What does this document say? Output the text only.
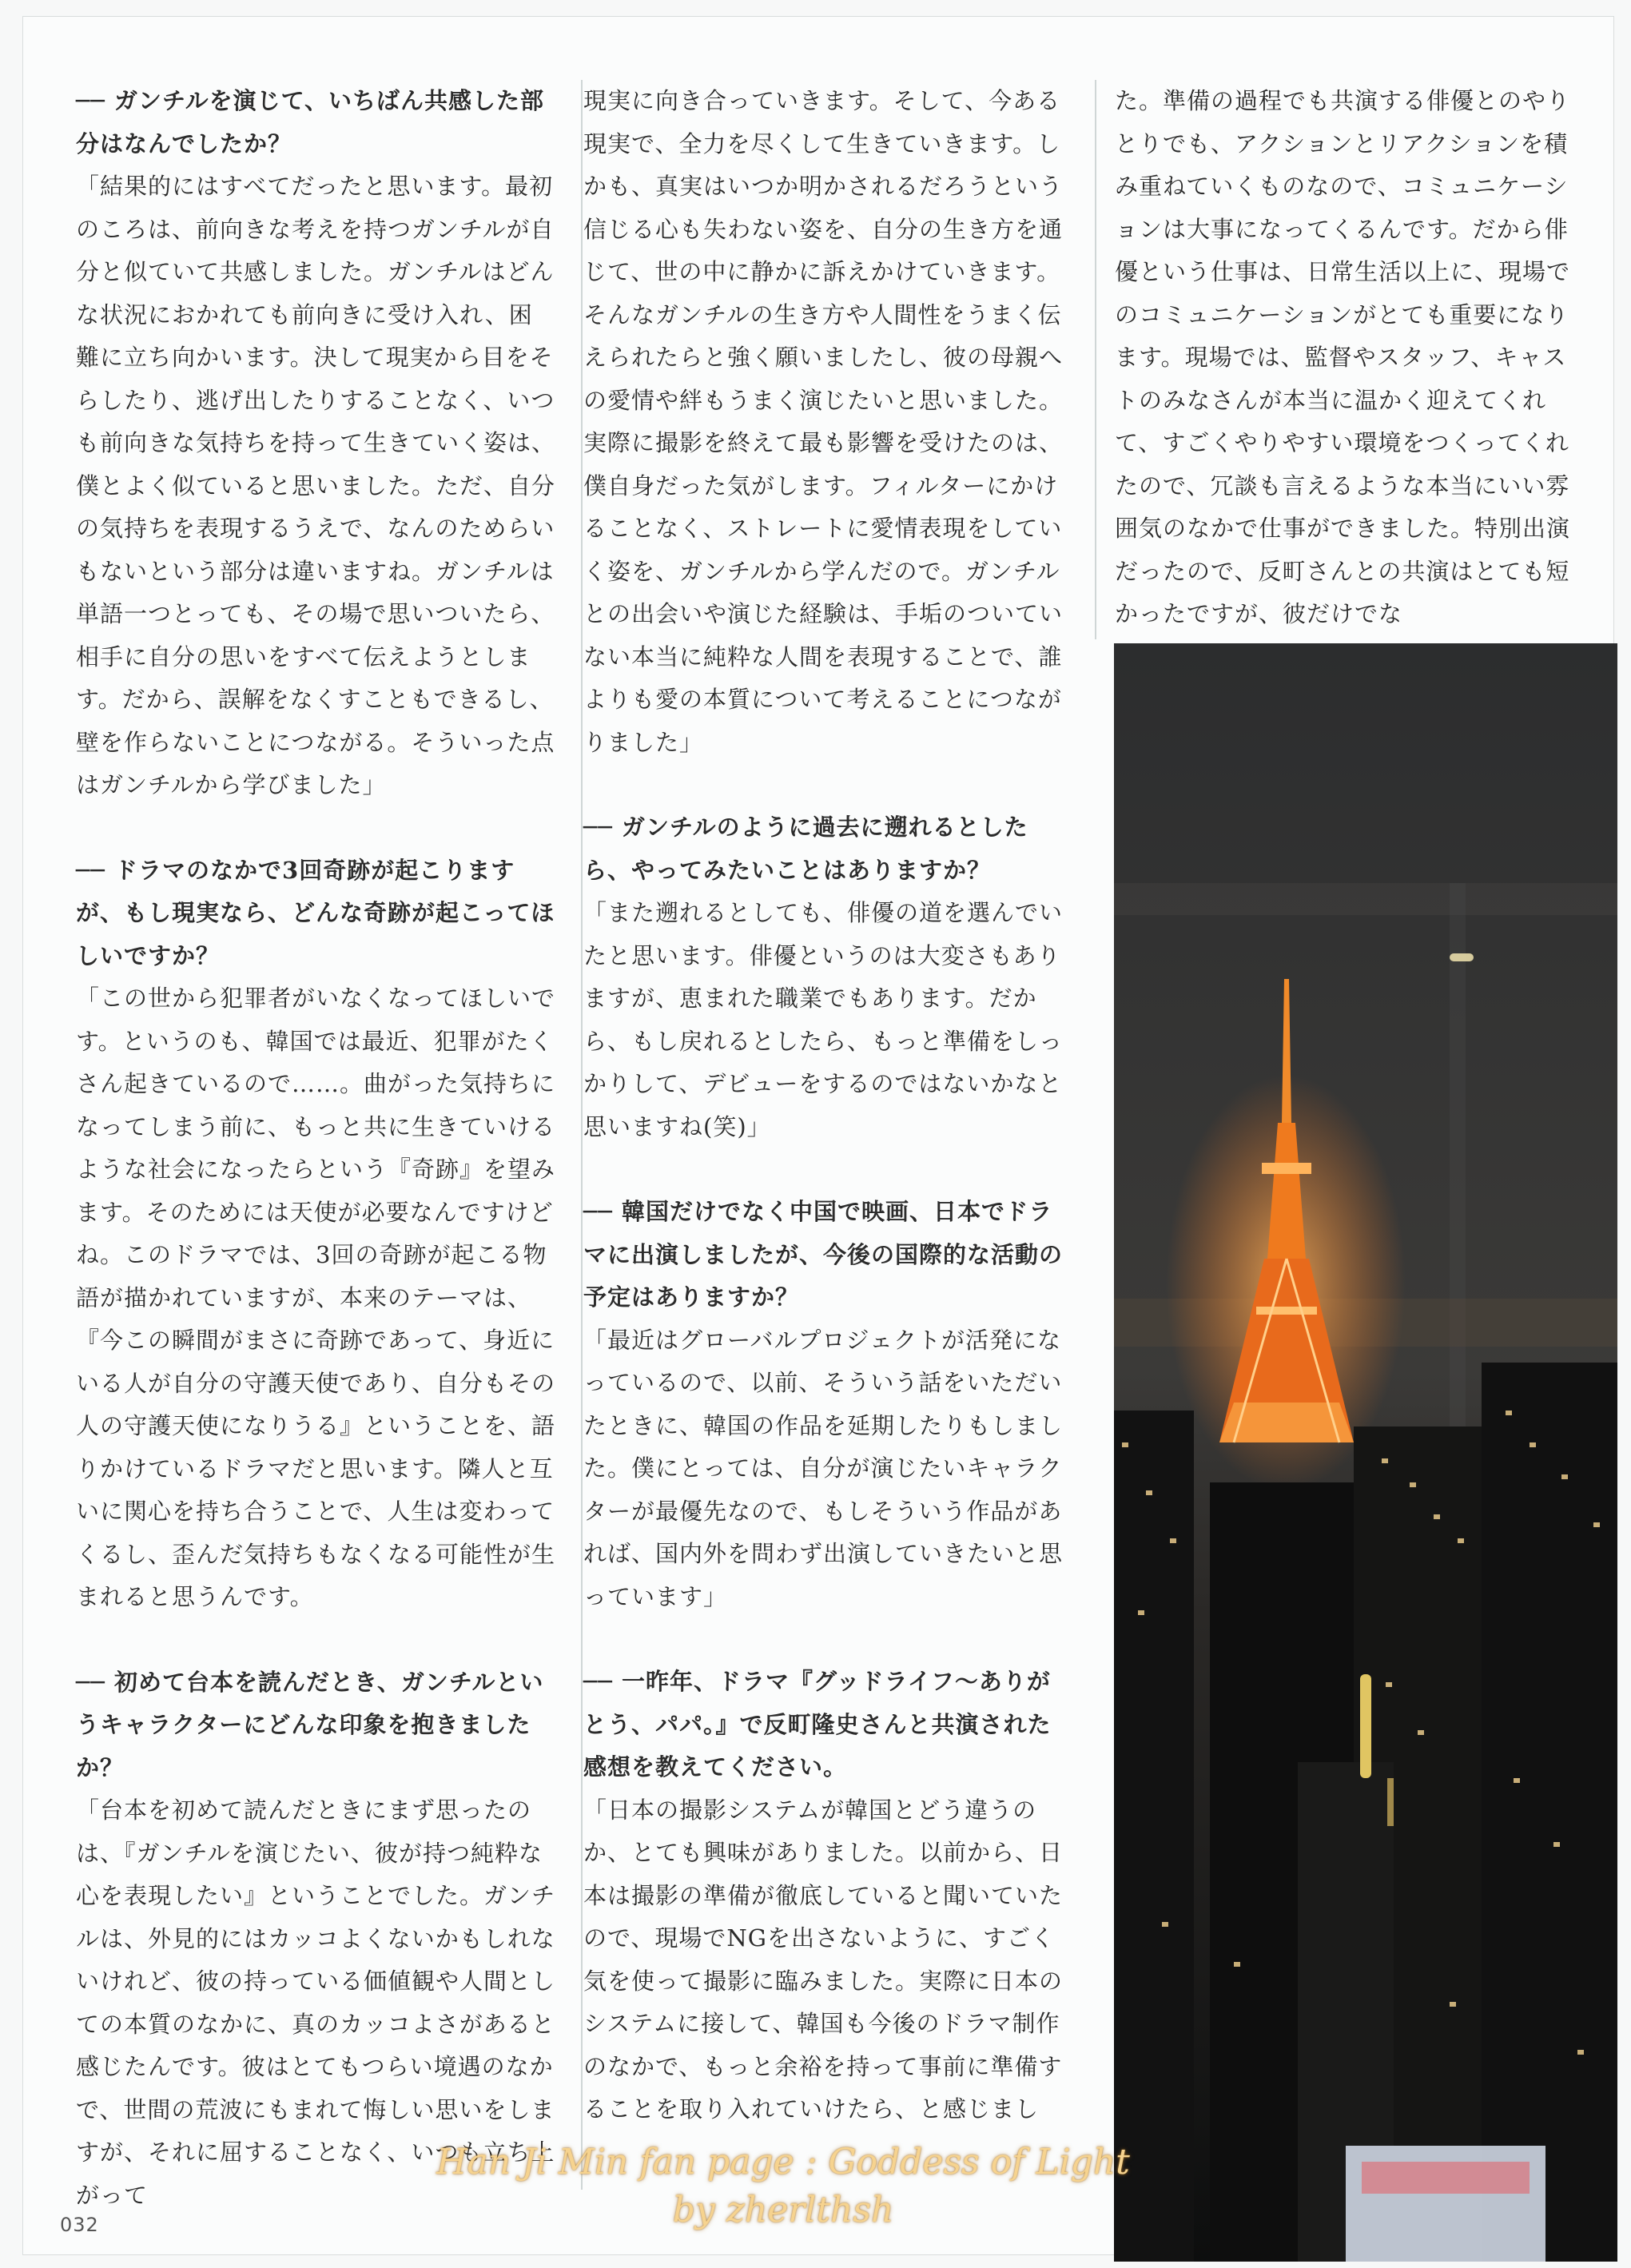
── ガンチルを演じて、いちばん共感した部分はなんでしたか？

「結果的にはすべてだったと思います。最初のころは、前向きな考えを持つガンチルが自分と似ていて共感しました。ガンチルはどんな状況におかれても前向きに受け入れ、困難に立ち向かいます。決して現実から目をそらしたり、逃げ出したりすることなく、いつも前向きな気持ちを持って生きていく姿は、僕とよく似ていると思いました。ただ、自分の気持ちを表現するうえで、なんのためらいもないという部分は違いますね。ガンチルは単語一つとっても、その場で思いついたら、相手に自分の思いをすべて伝えようとします。だから、誤解をなくすこともできるし、壁を作らないことにつながる。そういった点はガンチルから学びました」

── ドラマのなかで3回奇跡が起こりますが、もし現実なら、どんな奇跡が起こってほしいですか？

「この世から犯罪者がいなくなってほしいです。というのも、韓国では最近、犯罪がたくさん起きているので……。曲がった気持ちになってしまう前に、もっと共に生きていけるような社会になったらという『奇跡』を望みます。そのためには天使が必要なんですけどね。このドラマでは、3回の奇跡が起こる物語が描かれていますが、本来のテーマは、『今この瞬間がまさに奇跡であって、身近にいる人が自分の守護天使であり、自分もその人の守護天使になりうる』ということを、語りかけているドラマだと思います。隣人と互いに関心を持ち合うことで、人生は変わってくるし、歪んだ気持ちもなくなる可能性が生まれると思うんです。

── 初めて台本を読んだとき、ガンチルというキャラクターにどんな印象を抱きましたか？

「台本を初めて読んだときにまず思ったのは、『ガンチルを演じたい、彼が持つ純粋な心を表現したい』ということでした。ガンチルは、外見的にはカッコよくないかもしれないけれど、彼の持っている価値観や人間としての本質のなかに、真のカッコよさがあると感じたんです。彼はとてもつらい境遇のなかで、世間の荒波にもまれて悔しい思いをしますが、それに屈することなく、いつも立ち上がって

現実に向き合っていきます。そして、今ある現実で、全力を尽くして生きていきます。しかも、真実はいつか明かされるだろうという信じる心も失わない姿を、自分の生き方を通じて、世の中に静かに訴えかけていきます。そんなガンチルの生き方や人間性をうまく伝えられたらと強く願いましたし、彼の母親への愛情や絆もうまく演じたいと思いました。実際に撮影を終えて最も影響を受けたのは、僕自身だった気がします。フィルターにかけることなく、ストレートに愛情表現をしていく姿を、ガンチルから学んだので。ガンチルとの出会いや演じた経験は、手垢のついていない本当に純粋な人間を表現することで、誰よりも愛の本質について考えることにつながりました」

── ガンチルのように過去に遡れるとしたら、やってみたいことはありますか？

「また遡れるとしても、俳優の道を選んでいたと思います。俳優というのは大変さもありますが、恵まれた職業でもあります。だから、もし戻れるとしたら、もっと準備をしっかりして、デビューをするのではないかなと思いますね(笑)」

── 韓国だけでなく中国で映画、日本でドラマに出演しましたが、今後の国際的な活動の予定はありますか？

「最近はグローバルプロジェクトが活発になっているので、以前、そういう話をいただいたときに、韓国の作品を延期したりもしました。僕にとっては、自分が演じたいキャラクターが最優先なので、もしそういう作品があれば、国内外を問わず出演していきたいと思っています」

── 一昨年、ドラマ『グッドライフ〜ありがとう、パパ。』で反町隆史さんと共演された感想を教えてください。

「日本の撮影システムが韓国とどう違うのか、とても興味がありました。以前から、日本は撮影の準備が徹底していると聞いていたので、現場でNGを出さないように、すごく気を使って撮影に臨みました。実際に日本のシステムに接して、韓国も今後のドラマ制作のなかで、もっと余裕を持って事前に準備することを取り入れていけたら、と感じまし

た。準備の過程でも共演する俳優とのやりとりでも、アクションとリアクションを積み重ねていくものなので、コミュニケーションは大事になってくるんです。だから俳優という仕事は、日常生活以上に、現場でのコミュニケーションがとても重要になります。現場では、監督やスタッフ、キャストのみなさんが本当に温かく迎えてくれて、すごくやりやすい環境をつくってくれたので、冗談も言えるような本当にいい雰囲気のなかで仕事ができました。特別出演だったので、反町さんとの共演はとても短かったですが、彼だけでな

032
Han Ji Min fan page : Goddess of Light
by zherlthsh
